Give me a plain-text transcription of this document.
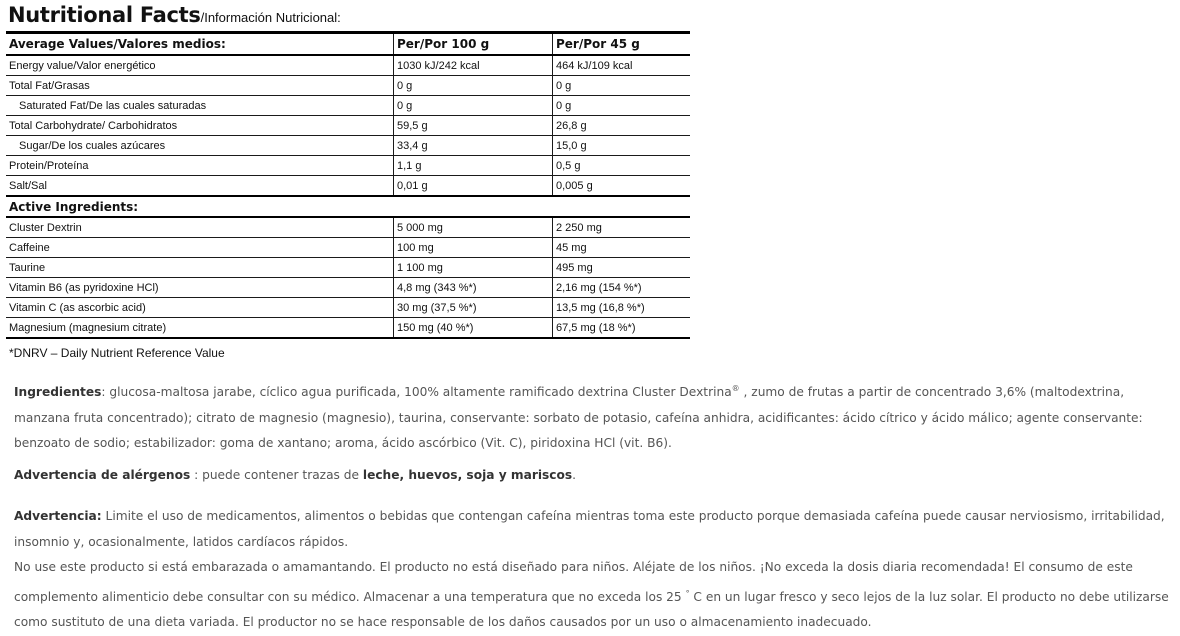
Nutritional Facts/Información Nutricional:
Average Values/Valores medios:	Per/Por 100 g	Per/Por 45 g
Energy value/Valor energético	1030 kJ/242 kcal	464 kJ/109 kcal
Total Fat/Grasas	0 g	0 g
Saturated Fat/De las cuales saturadas	0 g	0 g
Total Carbohydrate/ Carbohidratos	59,5 g	26,8 g
Sugar/De los cuales azúcares	33,4 g	15,0 g
Protein/Proteína	1,1 g	0,5 g
Salt/Sal	0,01 g	0,005 g
Active Ingredients:		
Cluster Dextrin	5 000 mg	2 250 mg
Caffeine	100 mg	45 mg
Taurine	1 100 mg	495 mg
Vitamin B6 (as pyridoxine HCl)	4,8 mg (343 %*)	2,16 mg (154 %*)
Vitamin C (as ascorbic acid)	30 mg (37,5 %*)	13,5 mg (16,8 %*)
Magnesium (magnesium citrate)	150 mg (40 %*)	67,5 mg (18 %*)
*DNRV – Daily Nutrient Reference Value
Ingredientes: glucosa-maltosa jarabe, cíclico agua purificada, 100% altamente ramificado dextrina Cluster Dextrina® , zumo de frutas a partir de concentrado 3,6% (maltodextrina, manzana fruta concentrado); citrato de magnesio (magnesio), taurina, conservante: sorbato de potasio, cafeína anhidra, acidificantes: ácido cítrico y ácido málico; agente conservante: benzoato de sodio; estabilizador: goma de xantano; aroma, ácido ascórbico (Vit. C), piridoxina HCl (vit. B6).
Advertencia de alérgenos : puede contener trazas de leche, huevos, soja y mariscos.
Advertencia: Limite el uso de medicamentos, alimentos o bebidas que contengan cafeína mientras toma este producto porque demasiada cafeína puede causar nerviosismo, irritabilidad, insomnio y, ocasionalmente, latidos cardíacos rápidos.
No use este producto si está embarazada o amamantando. El producto no está diseñado para niños. Aléjate de los niños. ¡No exceda la dosis diaria recomendada! El consumo de este complemento alimenticio debe consultar con su médico. Almacenar a una temperatura que no exceda los 25 ° C en un lugar fresco y seco lejos de la luz solar. El producto no debe utilizarse como sustituto de una dieta variada. El productor no se hace responsable de los daños causados por un uso o almacenamiento inadecuado.
